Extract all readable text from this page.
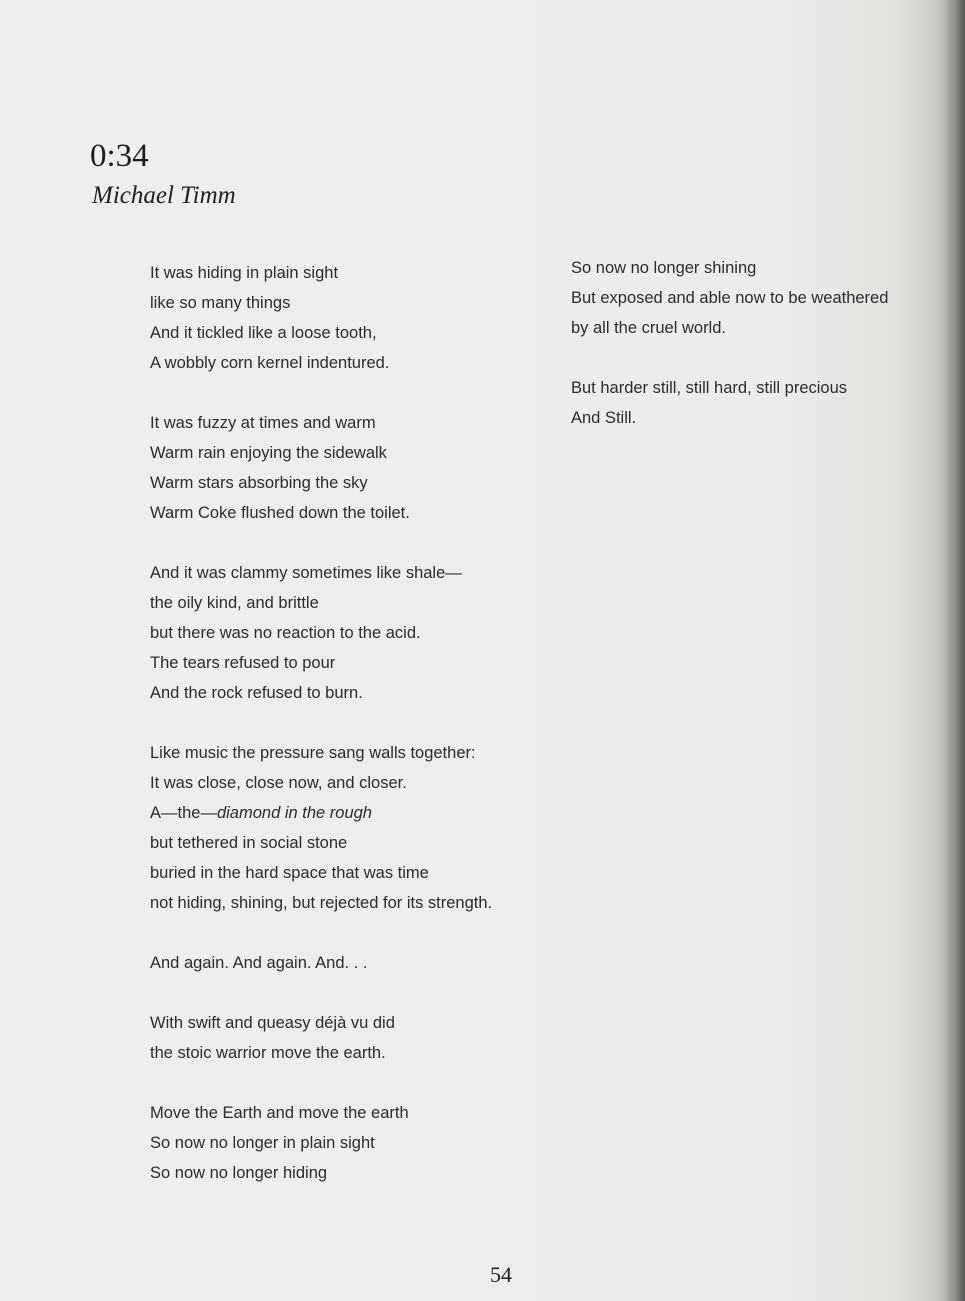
0:34
Michael Timm
It was hiding in plain sight
like so many things
And it tickled like a loose tooth,
A wobbly corn kernel indentured.
It was fuzzy at times and warm
Warm rain enjoying the sidewalk
Warm stars absorbing the sky
Warm Coke flushed down the toilet.
And it was clammy sometimes like shale—
the oily kind, and brittle
but there was no reaction to the acid.
The tears refused to pour
And the rock refused to burn.
Like music the pressure sang walls together:
It was close, close now, and closer.
A—the—diamond in the rough
but tethered in social stone
buried in the hard space that was time
not hiding, shining, but rejected for its strength.
And again. And again. And. . .
With swift and queasy déjà vu did
the stoic warrior move the earth.
Move the Earth and move the earth
So now no longer in plain sight
So now no longer hiding
So now no longer shining
But exposed and able now to be weathered
by all the cruel world.
But harder still, still hard, still precious
And Still.
54
